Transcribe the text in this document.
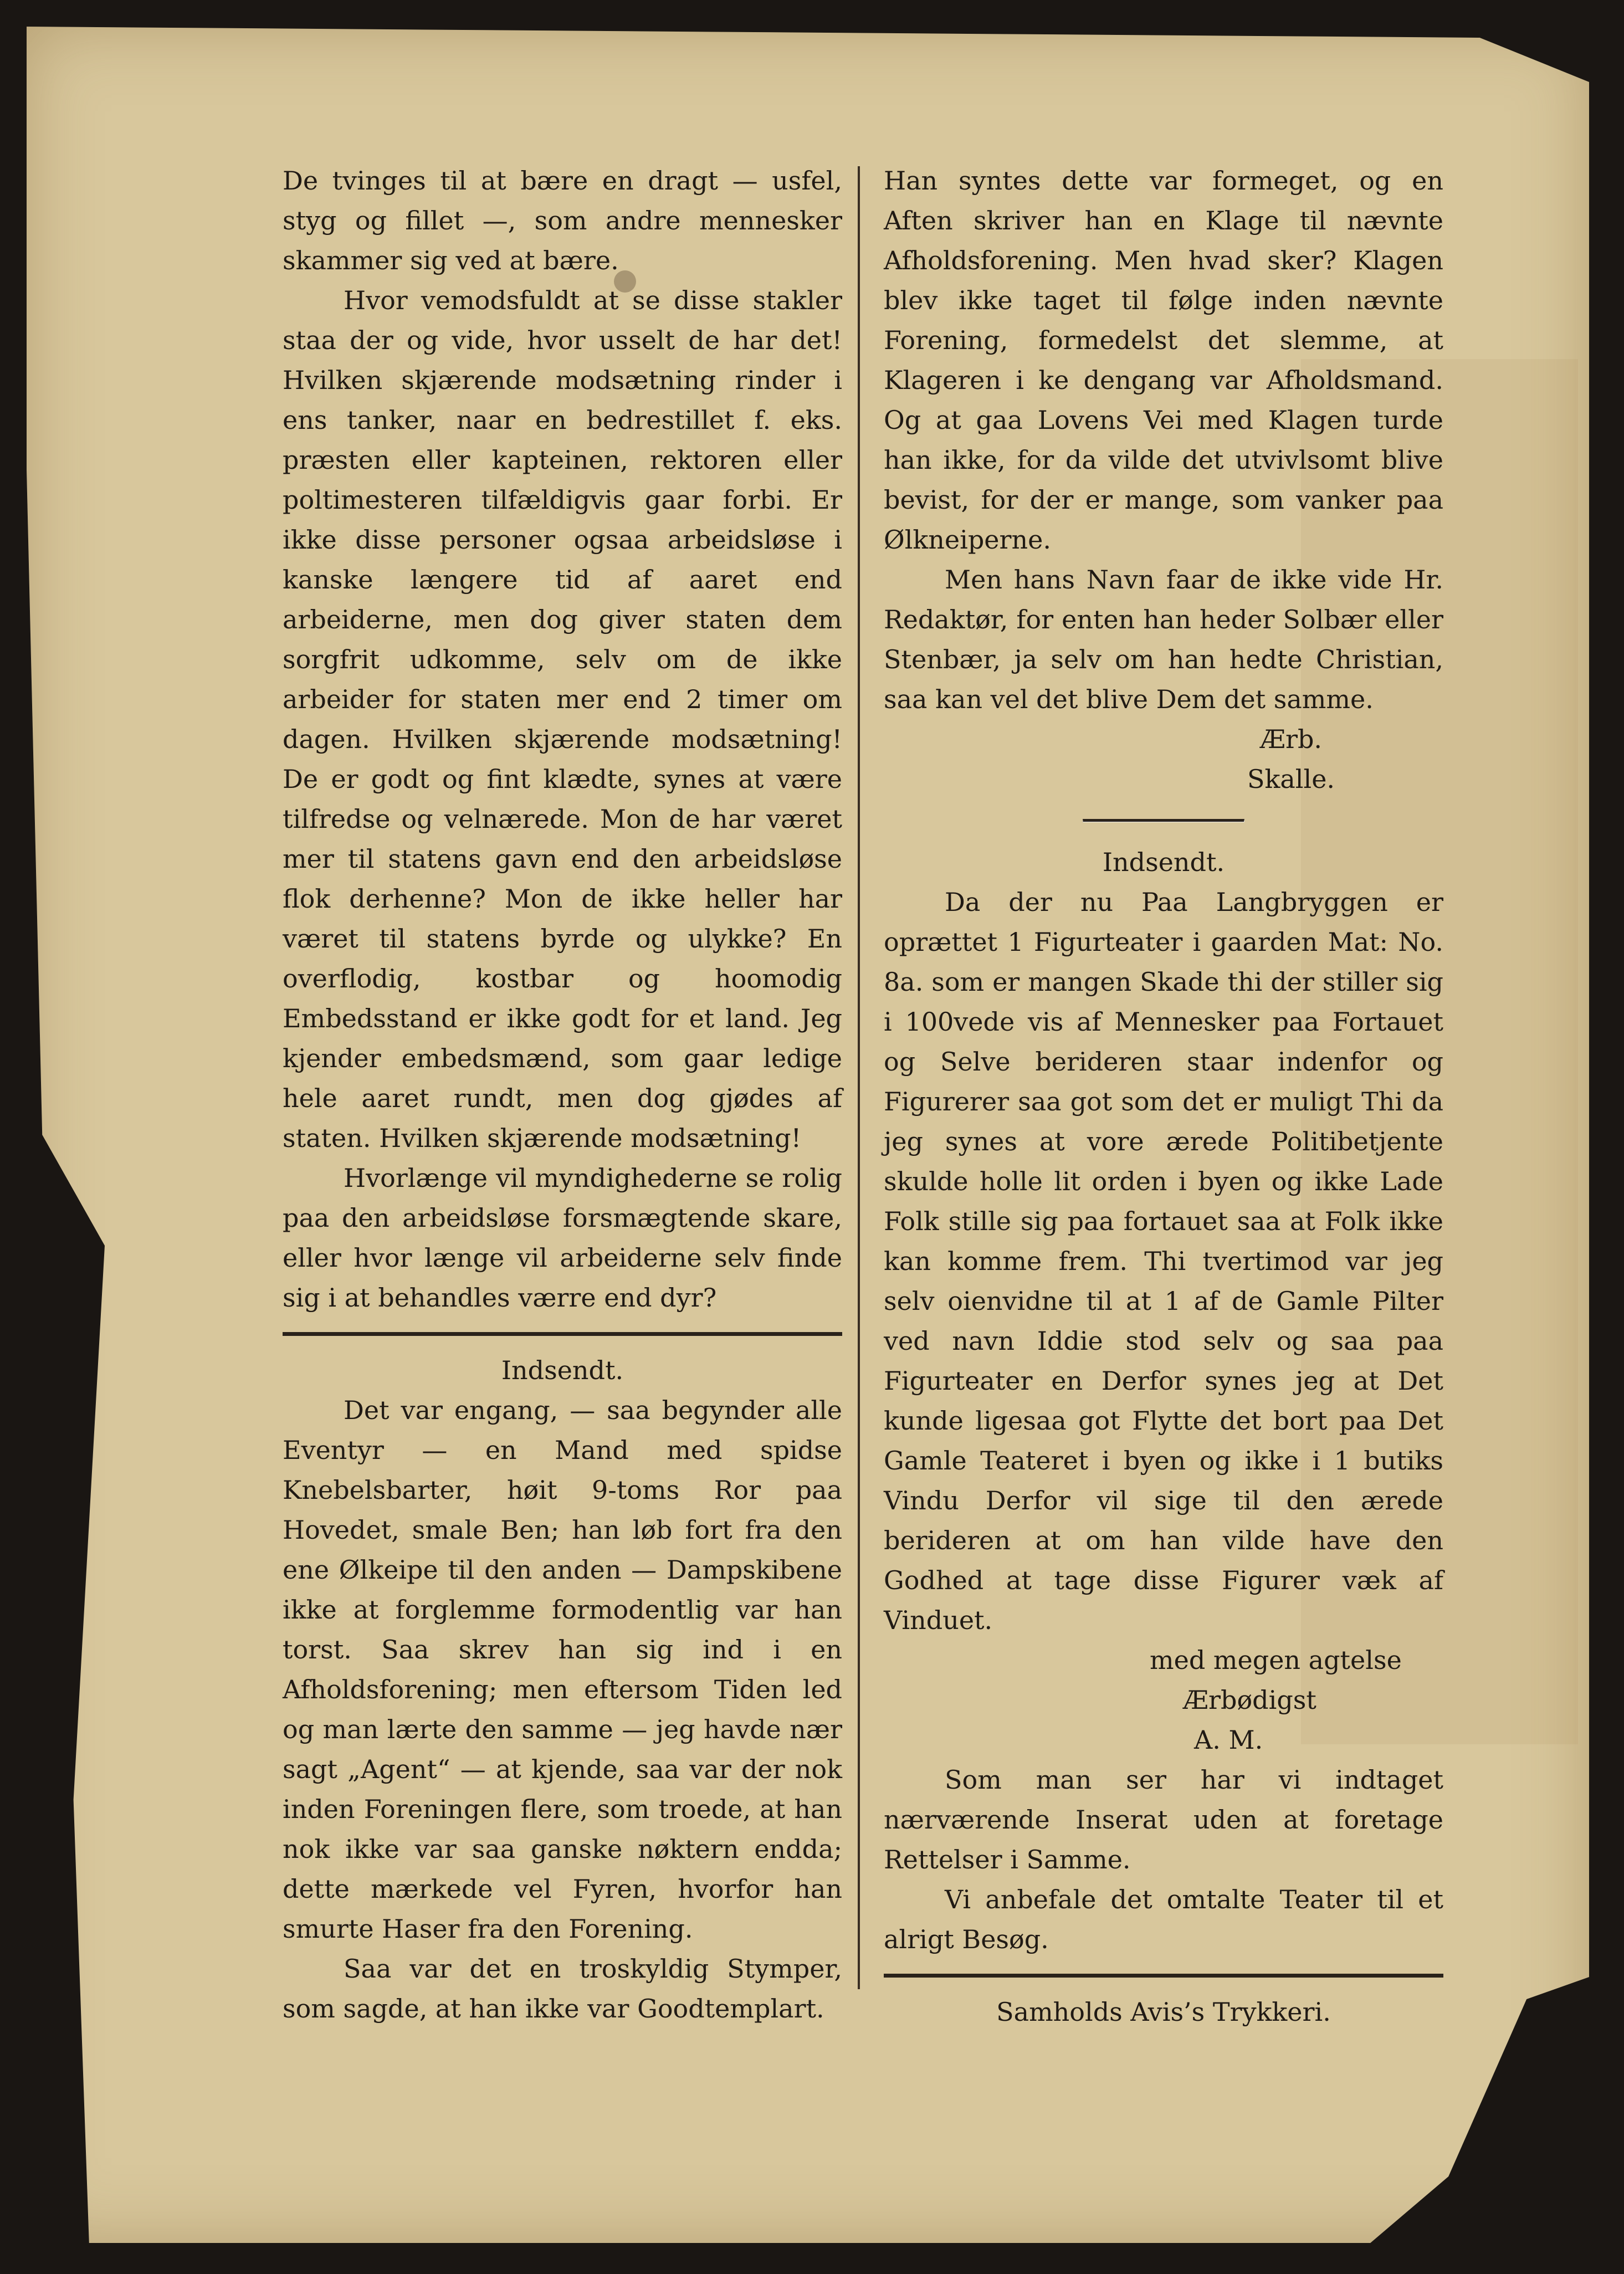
De tvinges til at bære en dragt — usfel, styg og fillet —, som andre mennesker skammer sig ved at bære.

Hvor vemodsfuldt at se disse stakler staa der og vide, hvor usselt de har det! Hvilken skjærende modsætning rinder i ens tanker, naar en bedrestillet f. eks. præsten eller kapteinen, rektoren eller poltimesteren tilfældigvis gaar forbi. Er ikke disse personer ogsaa arbeidsløse i kanske længere tid af aaret end arbeiderne, men dog giver staten dem sorgfrit udkomme, selv om de ikke arbeider for staten mer end 2 timer om dagen. Hvilken skjærende modsætning! De er godt og fint klædte, synes at være tilfredse og velnærede. Mon de har været mer til statens gavn end den arbeidsløse flok derhenne? Mon de ikke heller har været til statens byrde og ulykke? En overflodig, kostbar og hoomodig Embedsstand er ikke godt for et land. Jeg kjender embedsmænd, som gaar ledige hele aaret rundt, men dog gjødes af staten. Hvilken skjærende modsætning!

Hvorlænge vil myndighederne se rolig paa den arbeidsløse forsmægtende skare, eller hvor længe vil arbeiderne selv finde sig i at behandles værre end dyr?

Indsendt.

Det var engang, — saa begynder alle Eventyr — en Mand med spidse Knebelsbarter, høit 9-toms Ror paa Hovedet, smale Ben; han løb fort fra den ene Ølkeipe til den anden — Dampskibene ikke at forglemme formodentlig var han torst. Saa skrev han sig ind i en Afholdsforening; men eftersom Tiden led og man lærte den samme — jeg havde nær sagt „Agent“ — at kjende, saa var der nok inden Foreningen flere, som troede, at han nok ikke var saa ganske nøktern endda; dette mærkede vel Fyren, hvorfor han smurte Haser fra den Forening.

Saa var det en troskyldig Stymper, som sagde, at han ikke var Goodtemplart.

Han syntes dette var formeget, og en Aften skriver han en Klage til nævnte Afholdsforening. Men hvad sker? Klagen blev ikke taget til følge inden nævnte Forening, formedelst det slemme, at Klageren i ke dengang var Afholdsmand. Og at gaa Lovens Vei med Klagen turde han ikke, for da vilde det utvivlsomt blive bevist, for der er mange, som vanker paa Ølkneiperne.

Men hans Navn faar de ikke vide Hr. Redaktør, for enten han heder Solbær eller Stenbær, ja selv om han hedte Christian, saa kan vel det blive Dem det samme.

Ærb.

Skalle.

Indsendt.

Da der nu Paa Langbryggen er oprættet 1 Figurteater i gaarden Mat: No. 8a. som er mangen Skade thi der stiller sig i 100vede vis af Mennesker paa Fortauet og Selve berideren staar indenfor og Figurerer saa got som det er muligt Thi da jeg synes at vore ærede Politibetjente skulde holle lit orden i byen og ikke Lade Folk stille sig paa fortauet saa at Folk ikke kan komme frem. Thi tvertimod var jeg selv oienvidne til at 1 af de Gamle Pilter ved navn Iddie stod selv og saa paa Figurteater en Derfor synes jeg at Det kunde ligesaa got Flytte det bort paa Det Gamle Teateret i byen og ikke i 1 butiks Vindu Derfor vil sige til den ærede berideren at om han vilde have den Godhed at tage disse Figurer væk af Vinduet.

med megen agtelse

Ærbødigst

A. M.

Som man ser har vi indtaget nærværende Inserat uden at foretage Rettelser i Samme.

Vi anbefale det omtalte Teater til et alrigt Besøg.

Samholds Avis’s Trykkeri.
